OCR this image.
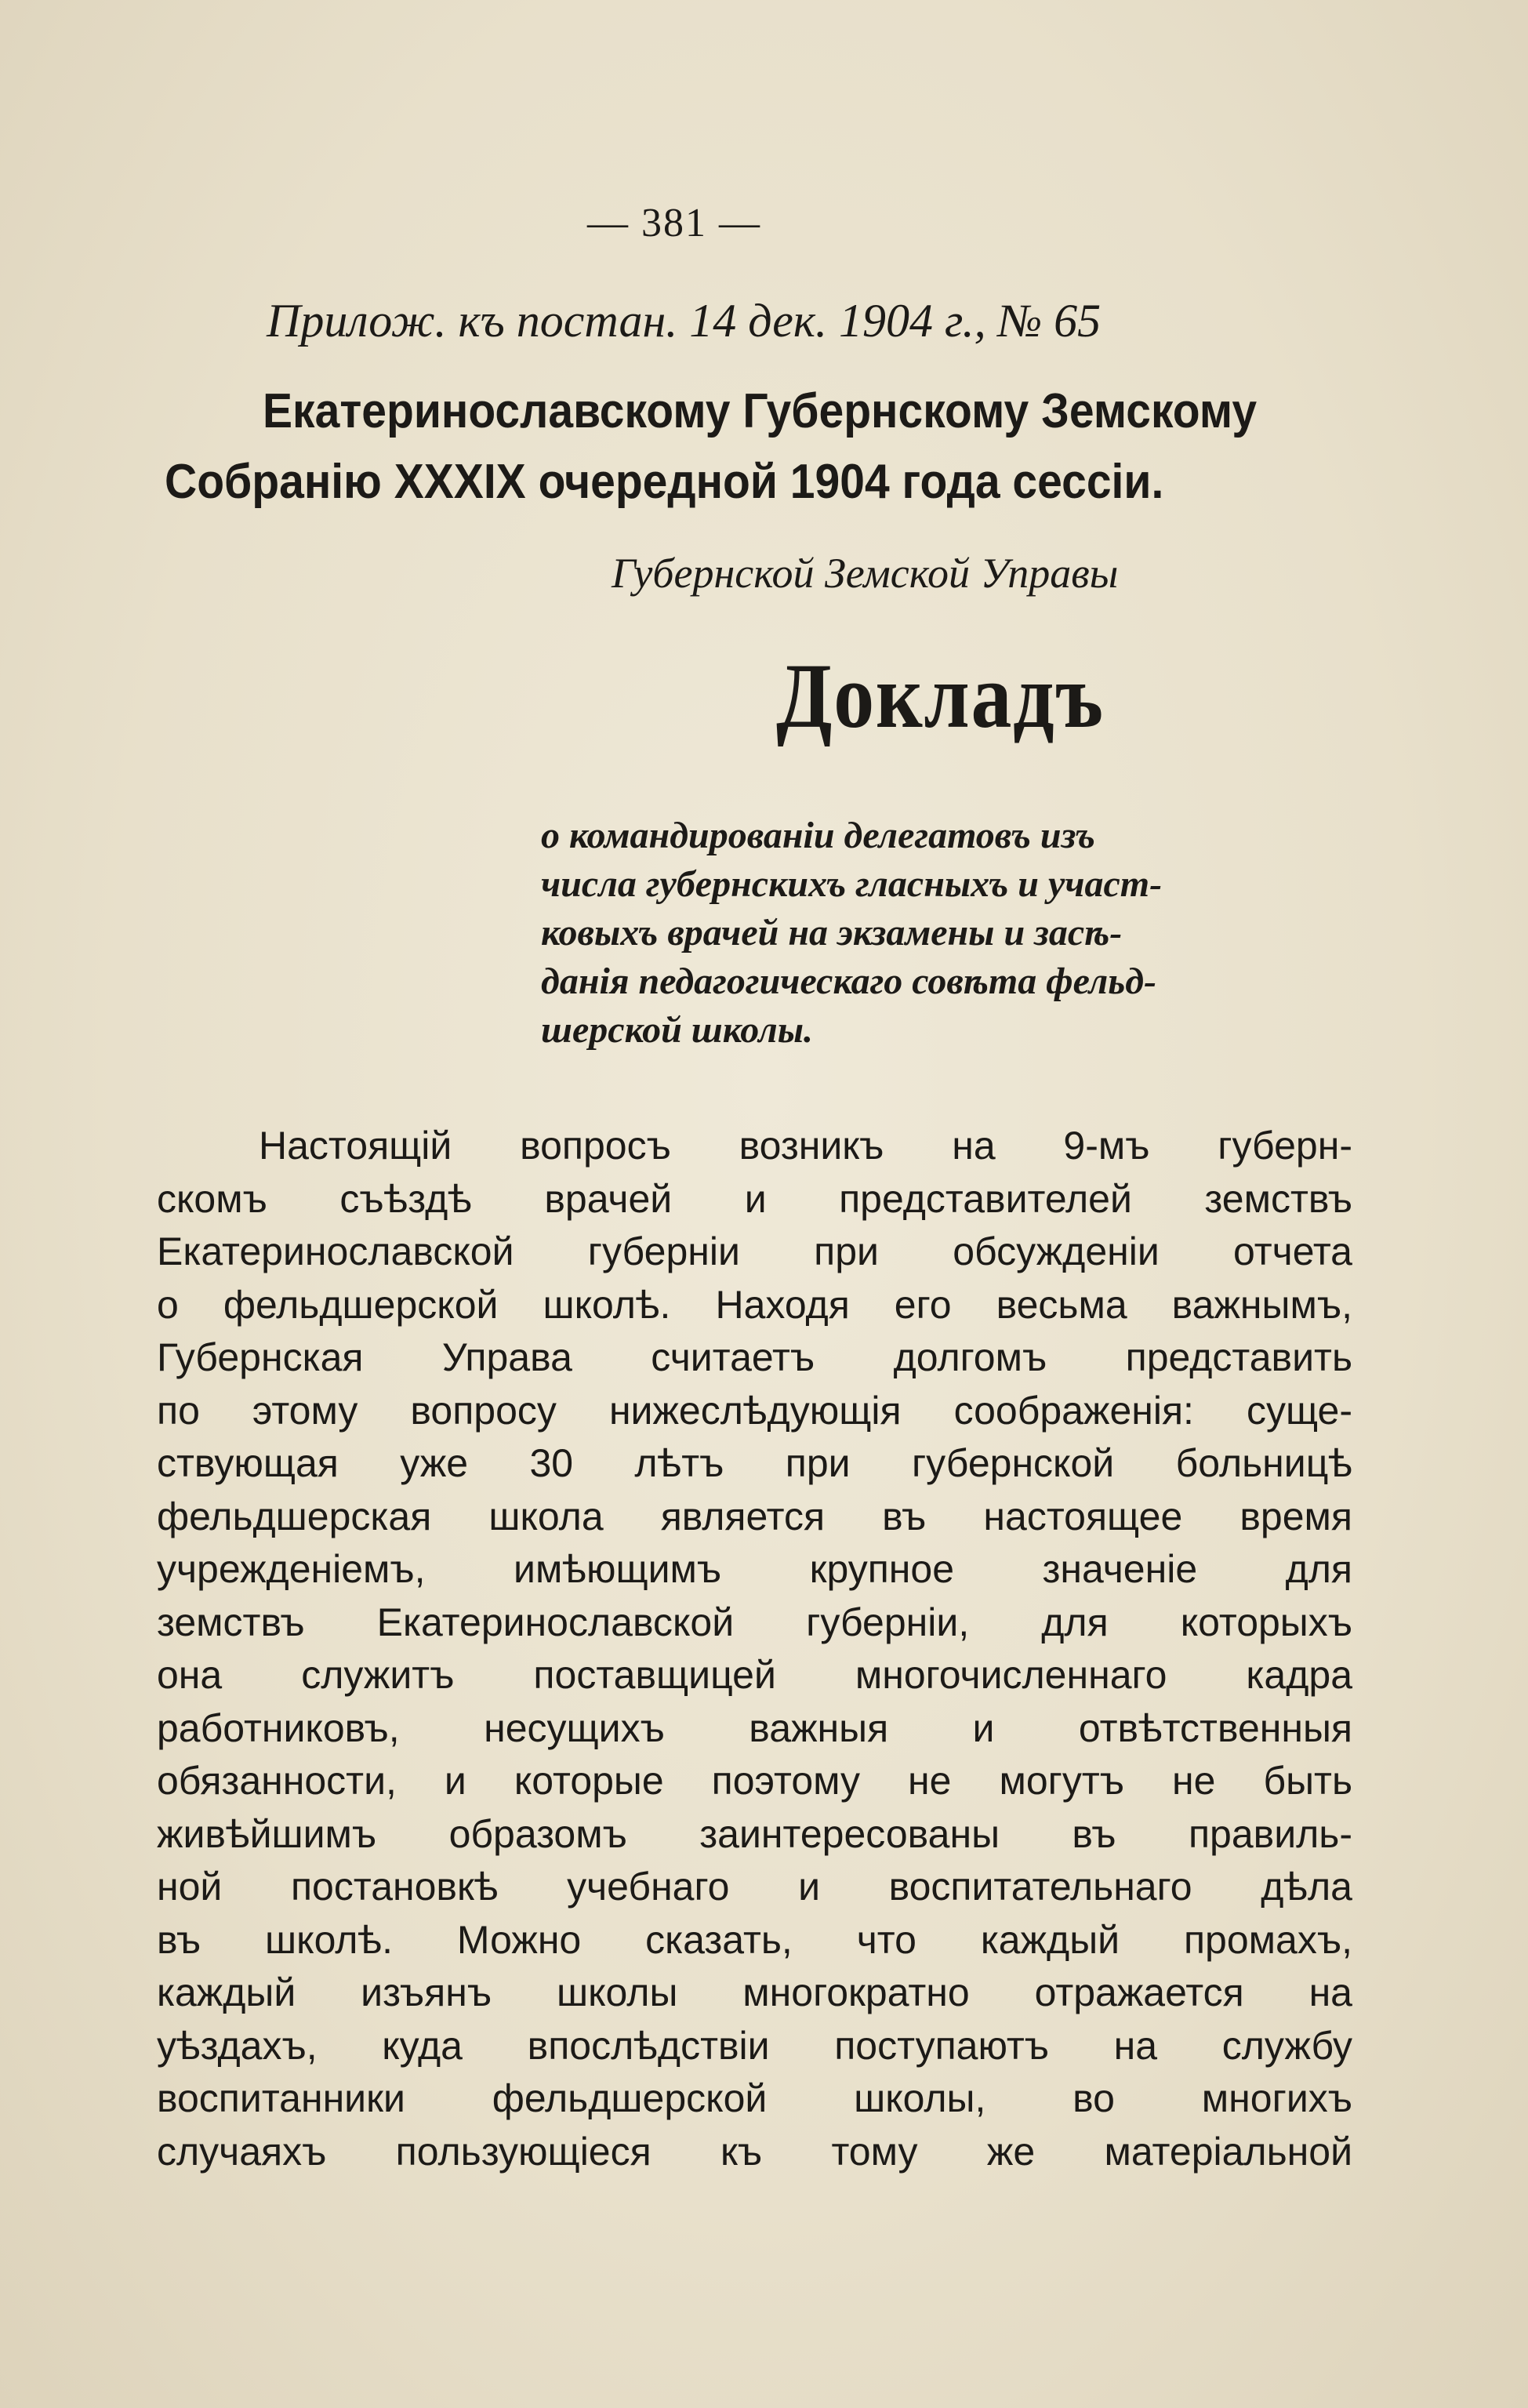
— 381 —
Прилож. къ постан. 14 дек. 1904 г., № 65
Екатеринославскому Губернскому Земскому
Собранію XXXIX очередной 1904 года сессіи.
Губернской Земской Управы
Докладъ
о командированіи делегатовъ изъ
числа губернскихъ гласныхъ и участ-
ковыхъ врачей на экзамены и засѣ-
данія педагогическаго совѣта фельд-
шерской школы.
Настоящій вопросъ возникъ на 9-мъ губерн-
скомъ съѣздѣ врачей и представителей земствъ
Екатеринославской губерніи при обсужденіи отчета
о фельдшерской школѣ. Находя его весьма важнымъ,
Губернская Управа считаетъ долгомъ представить
по этому вопросу нижеслѣдующія соображенія: суще-
ствующая уже 30 лѣтъ при губернской больницѣ
фельдшерская школа является въ настоящее время
учрежденіемъ, имѣющимъ крупное значеніе для
земствъ Екатеринославской губерніи, для которыхъ
она служитъ поставщицей многочисленнаго кадра
работниковъ, несущихъ важныя и отвѣтственныя
обязанности, и которые поэтому не могутъ не быть
живѣйшимъ образомъ заинтересованы въ правиль-
ной постановкѣ учебнаго и воспитательнаго дѣла
въ школѣ. Можно сказать, что каждый промахъ,
каждый изъянъ школы многократно отражается на
уѣздахъ, куда впослѣдствіи поступаютъ на службу
воспитанники фельдшерской школы, во многихъ
случаяхъ пользующіеся къ тому же матеріальной
